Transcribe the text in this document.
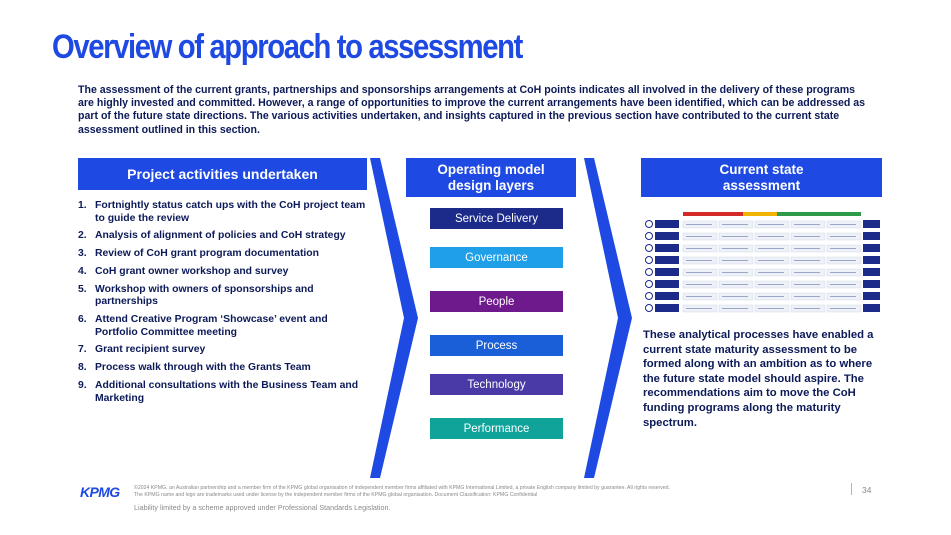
Overview of approach to assessment

The assessment of the current grants, partnerships and sponsorships arrangements at CoH points indicates all involved in the delivery of these programs are highly invested and committed. However, a range of opportunities to improve the current arrangements have been identified, which can be addressed as part of the future state directions. The various activities undertaken, and insights captured in the previous section have contributed to the current state assessment outlined in this section.

Project activities undertaken
1. Fortnightly status catch ups with the CoH project team to guide the review
2. Analysis of alignment of policies and CoH strategy
3. Review of CoH grant program documentation
4. CoH grant owner workshop and survey
5. Workshop with owners of sponsorships and partnerships
6. Attend Creative Program ‘Showcase’ event and Portfolio Committee meeting
7. Grant recipient survey
8. Process walk through with the Grants Team
9. Additional consultations with the Business Team and Marketing
Operating model
design layers
Service Delivery
Governance
People
Process
Technology
Performance
Current state
assessment

These analytical processes have enabled a current state maturity assessment to be formed along with an ambition as to where the future state model should aspire. The recommendations aim to move the CoH funding programs along the maturity spectrum.

KPMG	©2024 KPMG, an Australian partnership and a member firm of the KPMG global organisation of independent member firms affiliated with KPMG International Limited, a private English company limited by guarantee. All rights reserved.
The KPMG name and logo are trademarks used under license by the independent member firms of the KPMG global organisation. Document Classification: KPMG Confidential
Liability limited by a scheme approved under Professional Standards Legislation.
34
